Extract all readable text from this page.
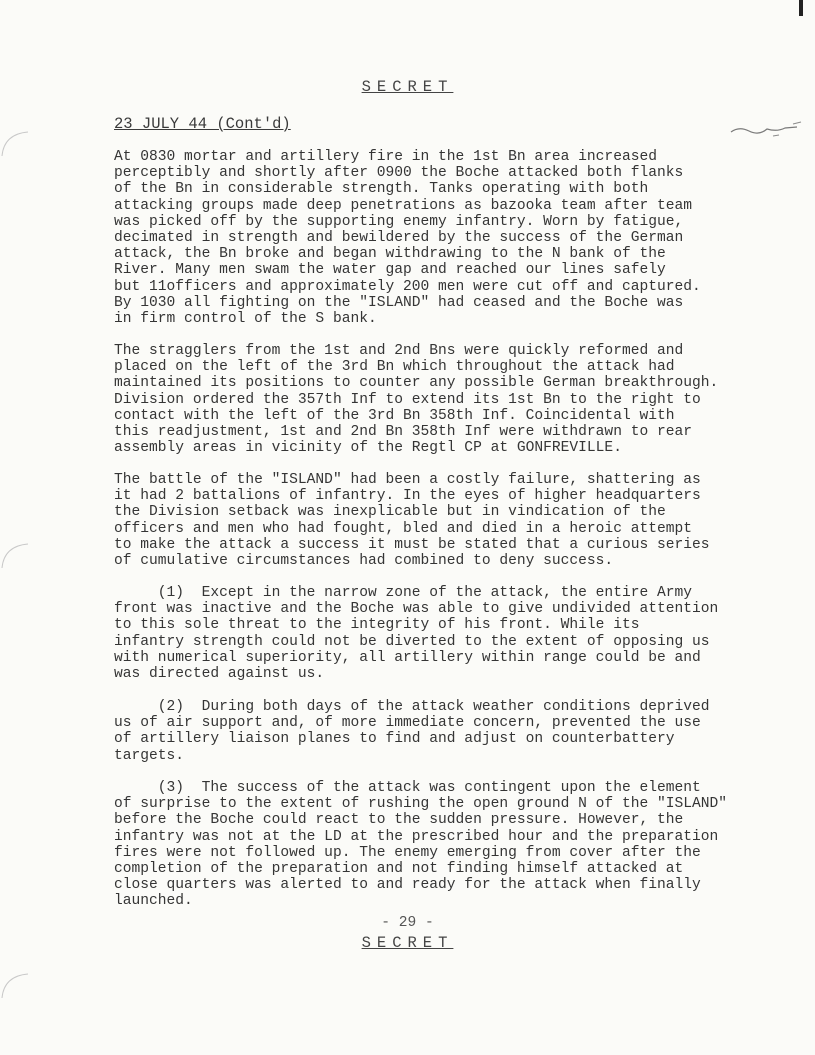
SECRET
23 JULY 44 (Cont'd)
At 0830 mortar and artillery fire in the 1st Bn area increased
perceptibly and shortly after 0900 the Boche attacked both flanks
of the Bn in considerable strength. Tanks operating with both
attacking groups made deep penetrations as bazooka team after team
was picked off by the supporting enemy infantry. Worn by fatigue,
decimated in strength and bewildered by the success of the German
attack, the Bn broke and began withdrawing to the N bank of the
River. Many men swam the water gap and reached our lines safely
but 11officers and approximately 200 men were cut off and captured.
By 1030 all fighting on the "ISLAND" had ceased and the Boche was
in firm control of the S bank.
The stragglers from the 1st and 2nd Bns were quickly reformed and
placed on the left of the 3rd Bn which throughout the attack had
maintained its positions to counter any possible German breakthrough.
Division ordered the 357th Inf to extend its 1st Bn to the right to
contact with the left of the 3rd Bn 358th Inf. Coincidental with
this readjustment, 1st and 2nd Bn 358th Inf were withdrawn to rear
assembly areas in vicinity of the Regtl CP at GONFREVILLE.
The battle of the "ISLAND" had been a costly failure, shattering as
it had 2 battalions of infantry. In the eyes of higher headquarters
the Division setback was inexplicable but in vindication of the
officers and men who had fought, bled and died in a heroic attempt
to make the attack a success it must be stated that a curious series
of cumulative circumstances had combined to deny success.
(1)  Except in the narrow zone of the attack, the entire Army
front was inactive and the Boche was able to give undivided attention
to this sole threat to the integrity of his front. While its
infantry strength could not be diverted to the extent of opposing us
with numerical superiority, all artillery within range could be and
was directed against us.
(2)  During both days of the attack weather conditions deprived
us of air support and, of more immediate concern, prevented the use
of artillery liaison planes to find and adjust on counterbattery
targets.
(3)  The success of the attack was contingent upon the element
of surprise to the extent of rushing the open ground N of the "ISLAND"
before the Boche could react to the sudden pressure. However, the
infantry was not at the LD at the prescribed hour and the preparation
fires were not followed up. The enemy emerging from cover after the
completion of the preparation and not finding himself attacked at
close quarters was alerted to and ready for the attack when finally
launched.
- 29 -
SECRET
